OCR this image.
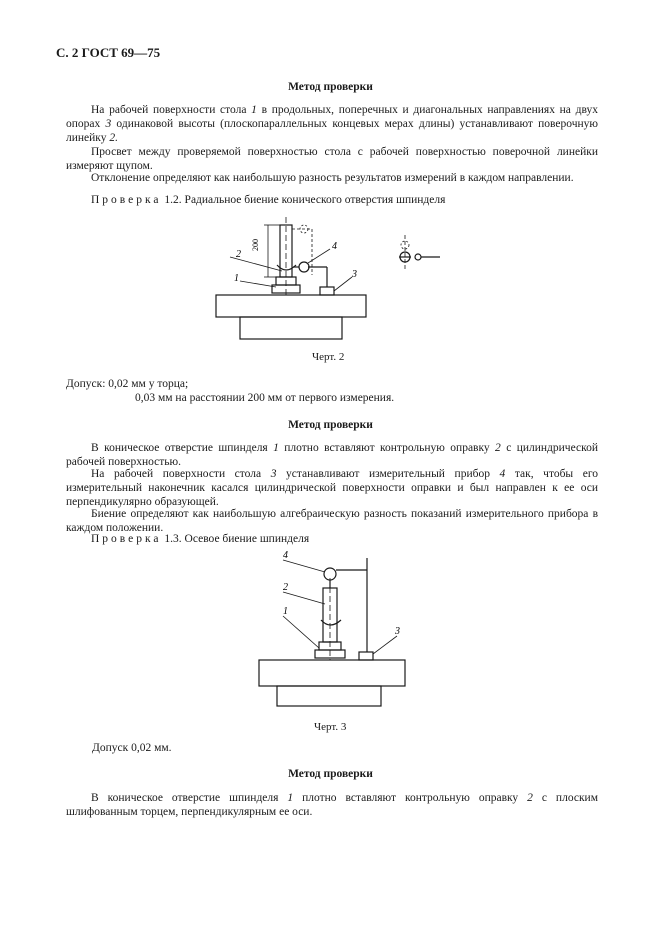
С. 2 ГОСТ 69—75
Метод проверки
На рабочей поверхности стола 1 в продольных, поперечных и диагональных направлениях на двух опорах 3 одинаковой высоты (плоскопараллельных концевых мерах длины) устанавливают поверочную линейку 2.
Просвет между проверяемой поверхностью стола с рабочей поверхностью поверочной линейки измеряют щупом.
Отклонение определяют как наибольшую разность результатов измерений в каждом направлении.
Проверка 1.2. Радиальное биение конического отверстия шпинделя
200
2
1
4
3
Черт. 2
Допуск: 0,02 мм у торца;
0,03 мм на расстоянии 200 мм от первого измерения.
Метод проверки
В коническое отверстие шпинделя 1 плотно вставляют контрольную оправку 2 с цилиндрической рабочей поверхностью.
На рабочей поверхности стола 3 устанавливают измерительный прибор 4 так, чтобы его измерительный наконечник касался цилиндрической поверхности оправки и был направлен к ее оси перпендикулярно образующей.
Биение определяют как наибольшую алгебраическую разность показаний измерительного прибора в каждом положении.
Проверка 1.3. Осевое биение шпинделя
4
2
1
3
Черт. 3
Допуск 0,02 мм.
Метод проверки
В коническое отверстие шпинделя 1 плотно вставляют контрольную оправку 2 с плоским шлифованным торцем, перпендикулярным ее оси.
